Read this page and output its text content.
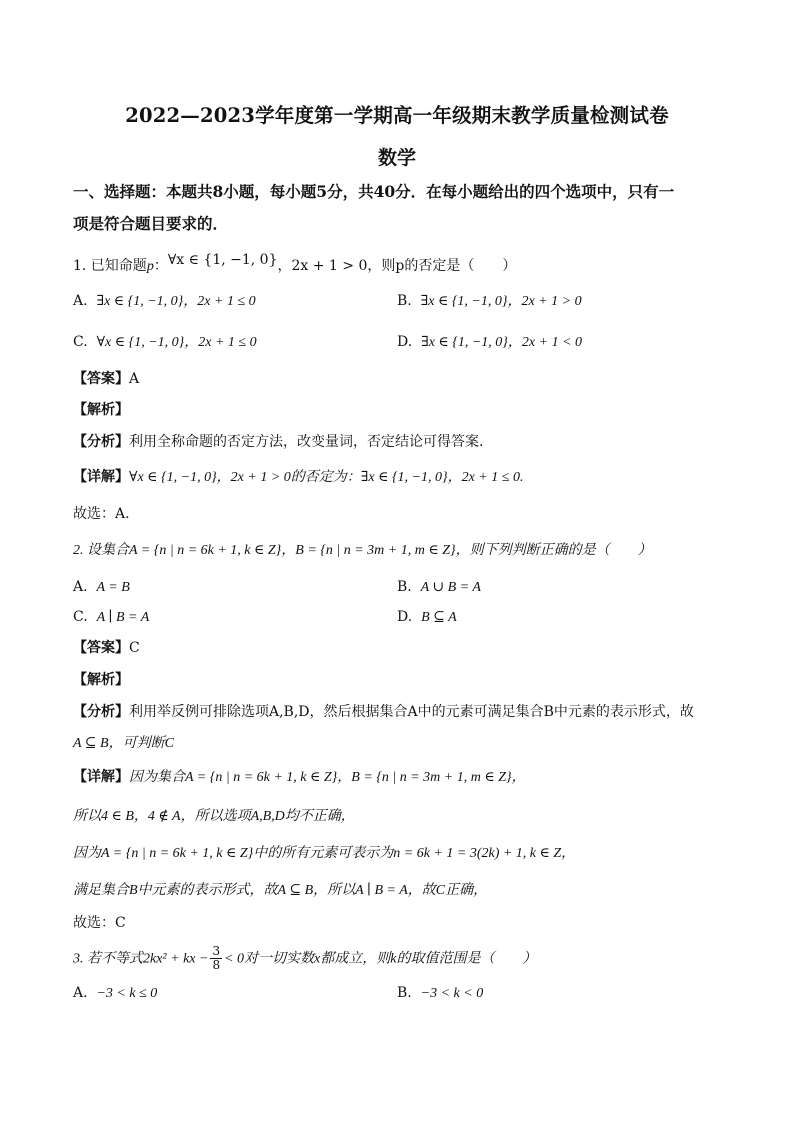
2022—2023学年度第一学期高一年级期末教学质量检测试卷
数学
一、选择题：本题共8小题，每小题5分，共40分．在每小题给出的四个选项中，只有一
项是符合题目要求的．
1. 已知命题p：∀x ∈ {1, −1, 0}，2x + 1 > 0，则p的否定是（　　）
A. ∃x ∈ {1, −1, 0}，2x + 1 ≤ 0	B. ∃x ∈ {1, −1, 0}，2x + 1 > 0
C. ∀x ∈ {1, −1, 0}，2x + 1 ≤ 0	D. ∃x ∈ {1, −1, 0}，2x + 1 < 0
【答案】A
【解析】
【分析】利用全称命题的否定方法，改变量词，否定结论可得答案.
【详解】∀x ∈ {1, −1, 0}，2x + 1 > 0的否定为：∃x ∈ {1, −1, 0}，2x + 1 ≤ 0.
故选：A.
2. 设集合A = {n | n = 6k + 1, k ∈ Z}，B = {n | n = 3m + 1, m ∈ Z}，则下列判断正确的是（　　）
A. A = B	B. A ∪ B = A
C. A ∣ B = A	D. B ⊆ A
【答案】C
【解析】
【分析】利用举反例可排除选项A,B,D，然后根据集合A中的元素可满足集合B中元素的表示形式，故
A ⊆ B，可判断C
【详解】因为集合A = {n | n = 6k + 1, k ∈ Z}，B = {n | n = 3m + 1, m ∈ Z}，
所以4 ∈ B，4 ∉ A，所以选项A,B,D均不正确，
因为A = {n | n = 6k + 1, k ∈ Z}中的所有元素可表示为n = 6k + 1 = 3(2k) + 1, k ∈ Z，
满足集合B中元素的表示形式，故A ⊆ B，所以A ∣ B = A，故C正确，
故选：C
3. 若不等式2kx² + kx − $\frac{3}{8} < 0$对一切实数x都成立，则k的取值范围是（　　）
A. −3 < k ≤ 0	B. −3 < k < 0
